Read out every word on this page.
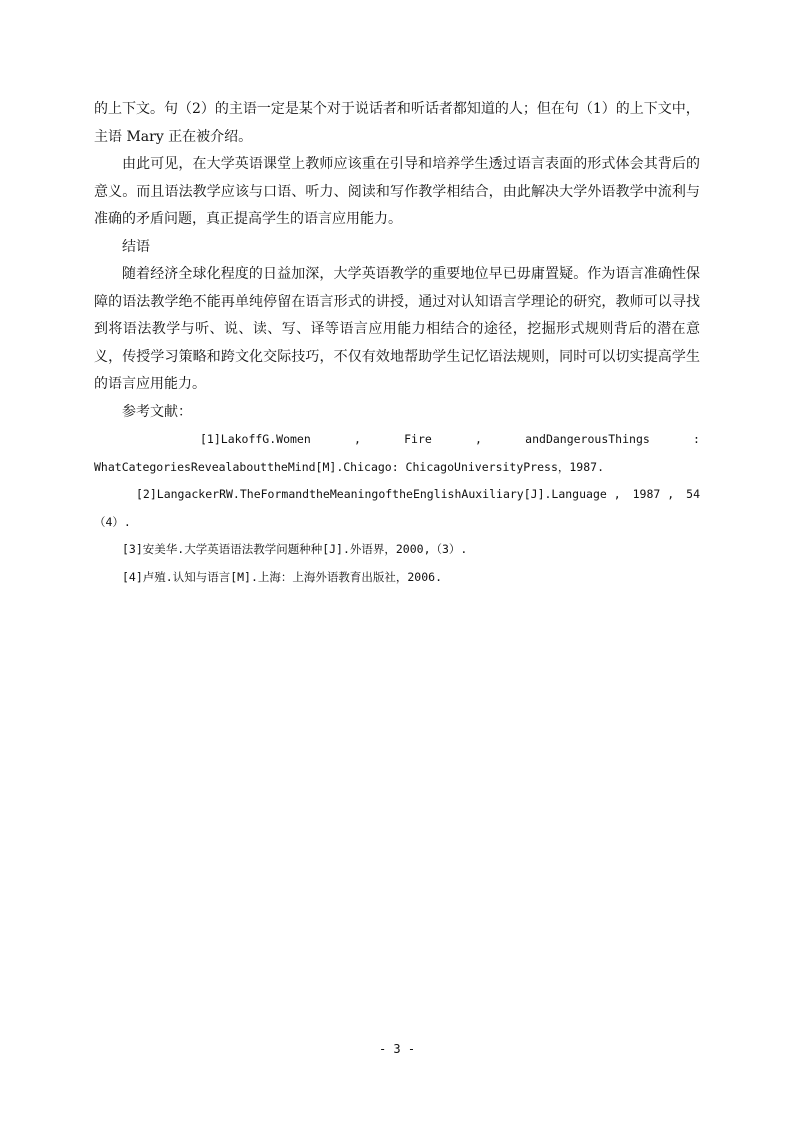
的上下文。句（2）的主语一定是某个对于说话者和听话者都知道的人；但在句（1）的上下文中，
主语 Mary 正在被介绍。

由此可见，在大学英语课堂上教师应该重在引导和培养学生透过语言表面的形式体会其背后的意义。而且语法教学应该与口语、听力、阅读和写作教学相结合，由此解决大学外语教学中流利与准确的矛盾问题，真正提高学生的语言应用能力。

结语

随着经济全球化程度的日益加深，大学英语教学的重要地位早已毋庸置疑。作为语言准确性保障的语法教学绝不能再单纯停留在语言形式的讲授，通过对认知语言学理论的研究，教师可以寻找到将语法教学与听、说、读、写、译等语言应用能力相结合的途径，挖掘形式规则背后的潜在意义，传授学习策略和跨文化交际技巧，不仅有效地帮助学生记忆语法规则，同时可以切实提高学生的语言应用能力。

参考文献：

[1]LakoffG.Women	,	Fire	,	andDangerousThings	:

WhatCategoriesRevealabouttheMind[M].Chicago: ChicagoUniversityPress，1987.

[2]LangackerRW.TheFormandtheMeaningoftheEnglishAuxiliary[J].Language , 1987 , 54

（4）.

[3]安美华.大学英语语法教学问题种种[J].外语界，2000,（3）.

[4]卢殖.认知与语言[M].上海：上海外语教育出版社，2006.

- 3 -
